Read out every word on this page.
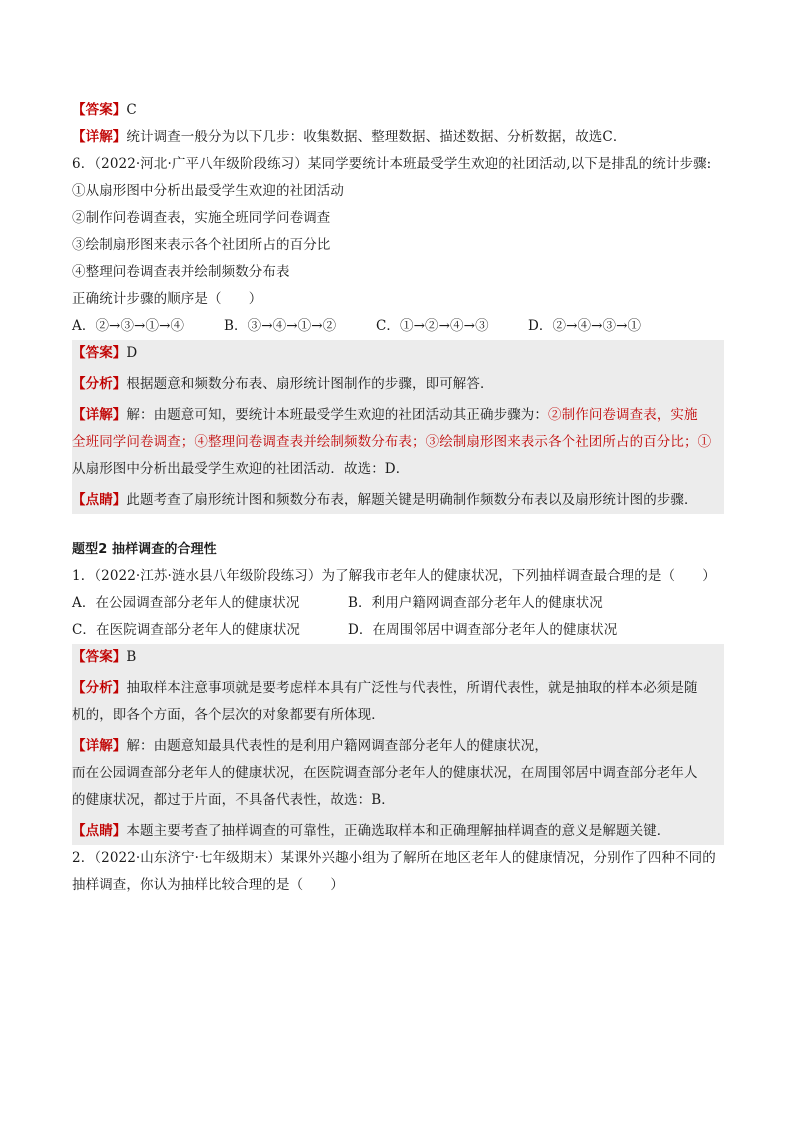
【答案】C
【详解】统计调查一般分为以下几步：收集数据、整理数据、描述数据、分析数据，故选C．
6．（2022·河北·广平八年级阶段练习）某同学要统计本班最受学生欢迎的社团活动,以下是排乱的统计步骤:
①从扇形图中分析出最受学生欢迎的社团活动
②制作问卷调查表，实施全班同学问卷调查
③绘制扇形图来表示各个社团所占的百分比
④整理问卷调查表并绘制频数分布表
正确统计步骤的顺序是（　　）
A．②→③→①→④	B．③→④→①→②	C．①→②→④→③	D．②→④→③→①
【答案】D
【分析】根据题意和频数分布表、扇形统计图制作的步骤，即可解答．
【详解】解：由题意可知，要统计本班最受学生欢迎的社团活动其正确步骤为：②制作问卷调查表，实施
全班同学问卷调查；④整理问卷调查表并绘制频数分布表；③绘制扇形图来表示各个社团所占的百分比；①
从扇形图中分析出最受学生欢迎的社团活动．故选：D．
【点睛】此题考查了扇形统计图和频数分布表，解题关键是明确制作频数分布表以及扇形统计图的步骤．
题型2 抽样调查的合理性
1．（2022·江苏·涟水县八年级阶段练习）为了解我市老年人的健康状况，下列抽样调查最合理的是（　　）
A．在公园调查部分老年人的健康状况	B．利用户籍网调查部分老年人的健康状况
C．在医院调查部分老年人的健康状况	D．在周围邻居中调查部分老年人的健康状况
【答案】B
【分析】抽取样本注意事项就是要考虑样本具有广泛性与代表性，所谓代表性，就是抽取的样本必须是随
机的，即各个方面，各个层次的对象都要有所体现．
【详解】解：由题意知最具代表性的是利用户籍网调查部分老年人的健康状况，
而在公园调查部分老年人的健康状况，在医院调查部分老年人的健康状况，在周围邻居中调查部分老年人
的健康状况，都过于片面，不具备代表性，故选：B．
【点睛】本题主要考查了抽样调查的可靠性，正确选取样本和正确理解抽样调查的意义是解题关键．
2．（2022·山东济宁·七年级期末）某课外兴趣小组为了解所在地区老年人的健康情况，分别作了四种不同的
抽样调查，你认为抽样比较合理的是（　　）
